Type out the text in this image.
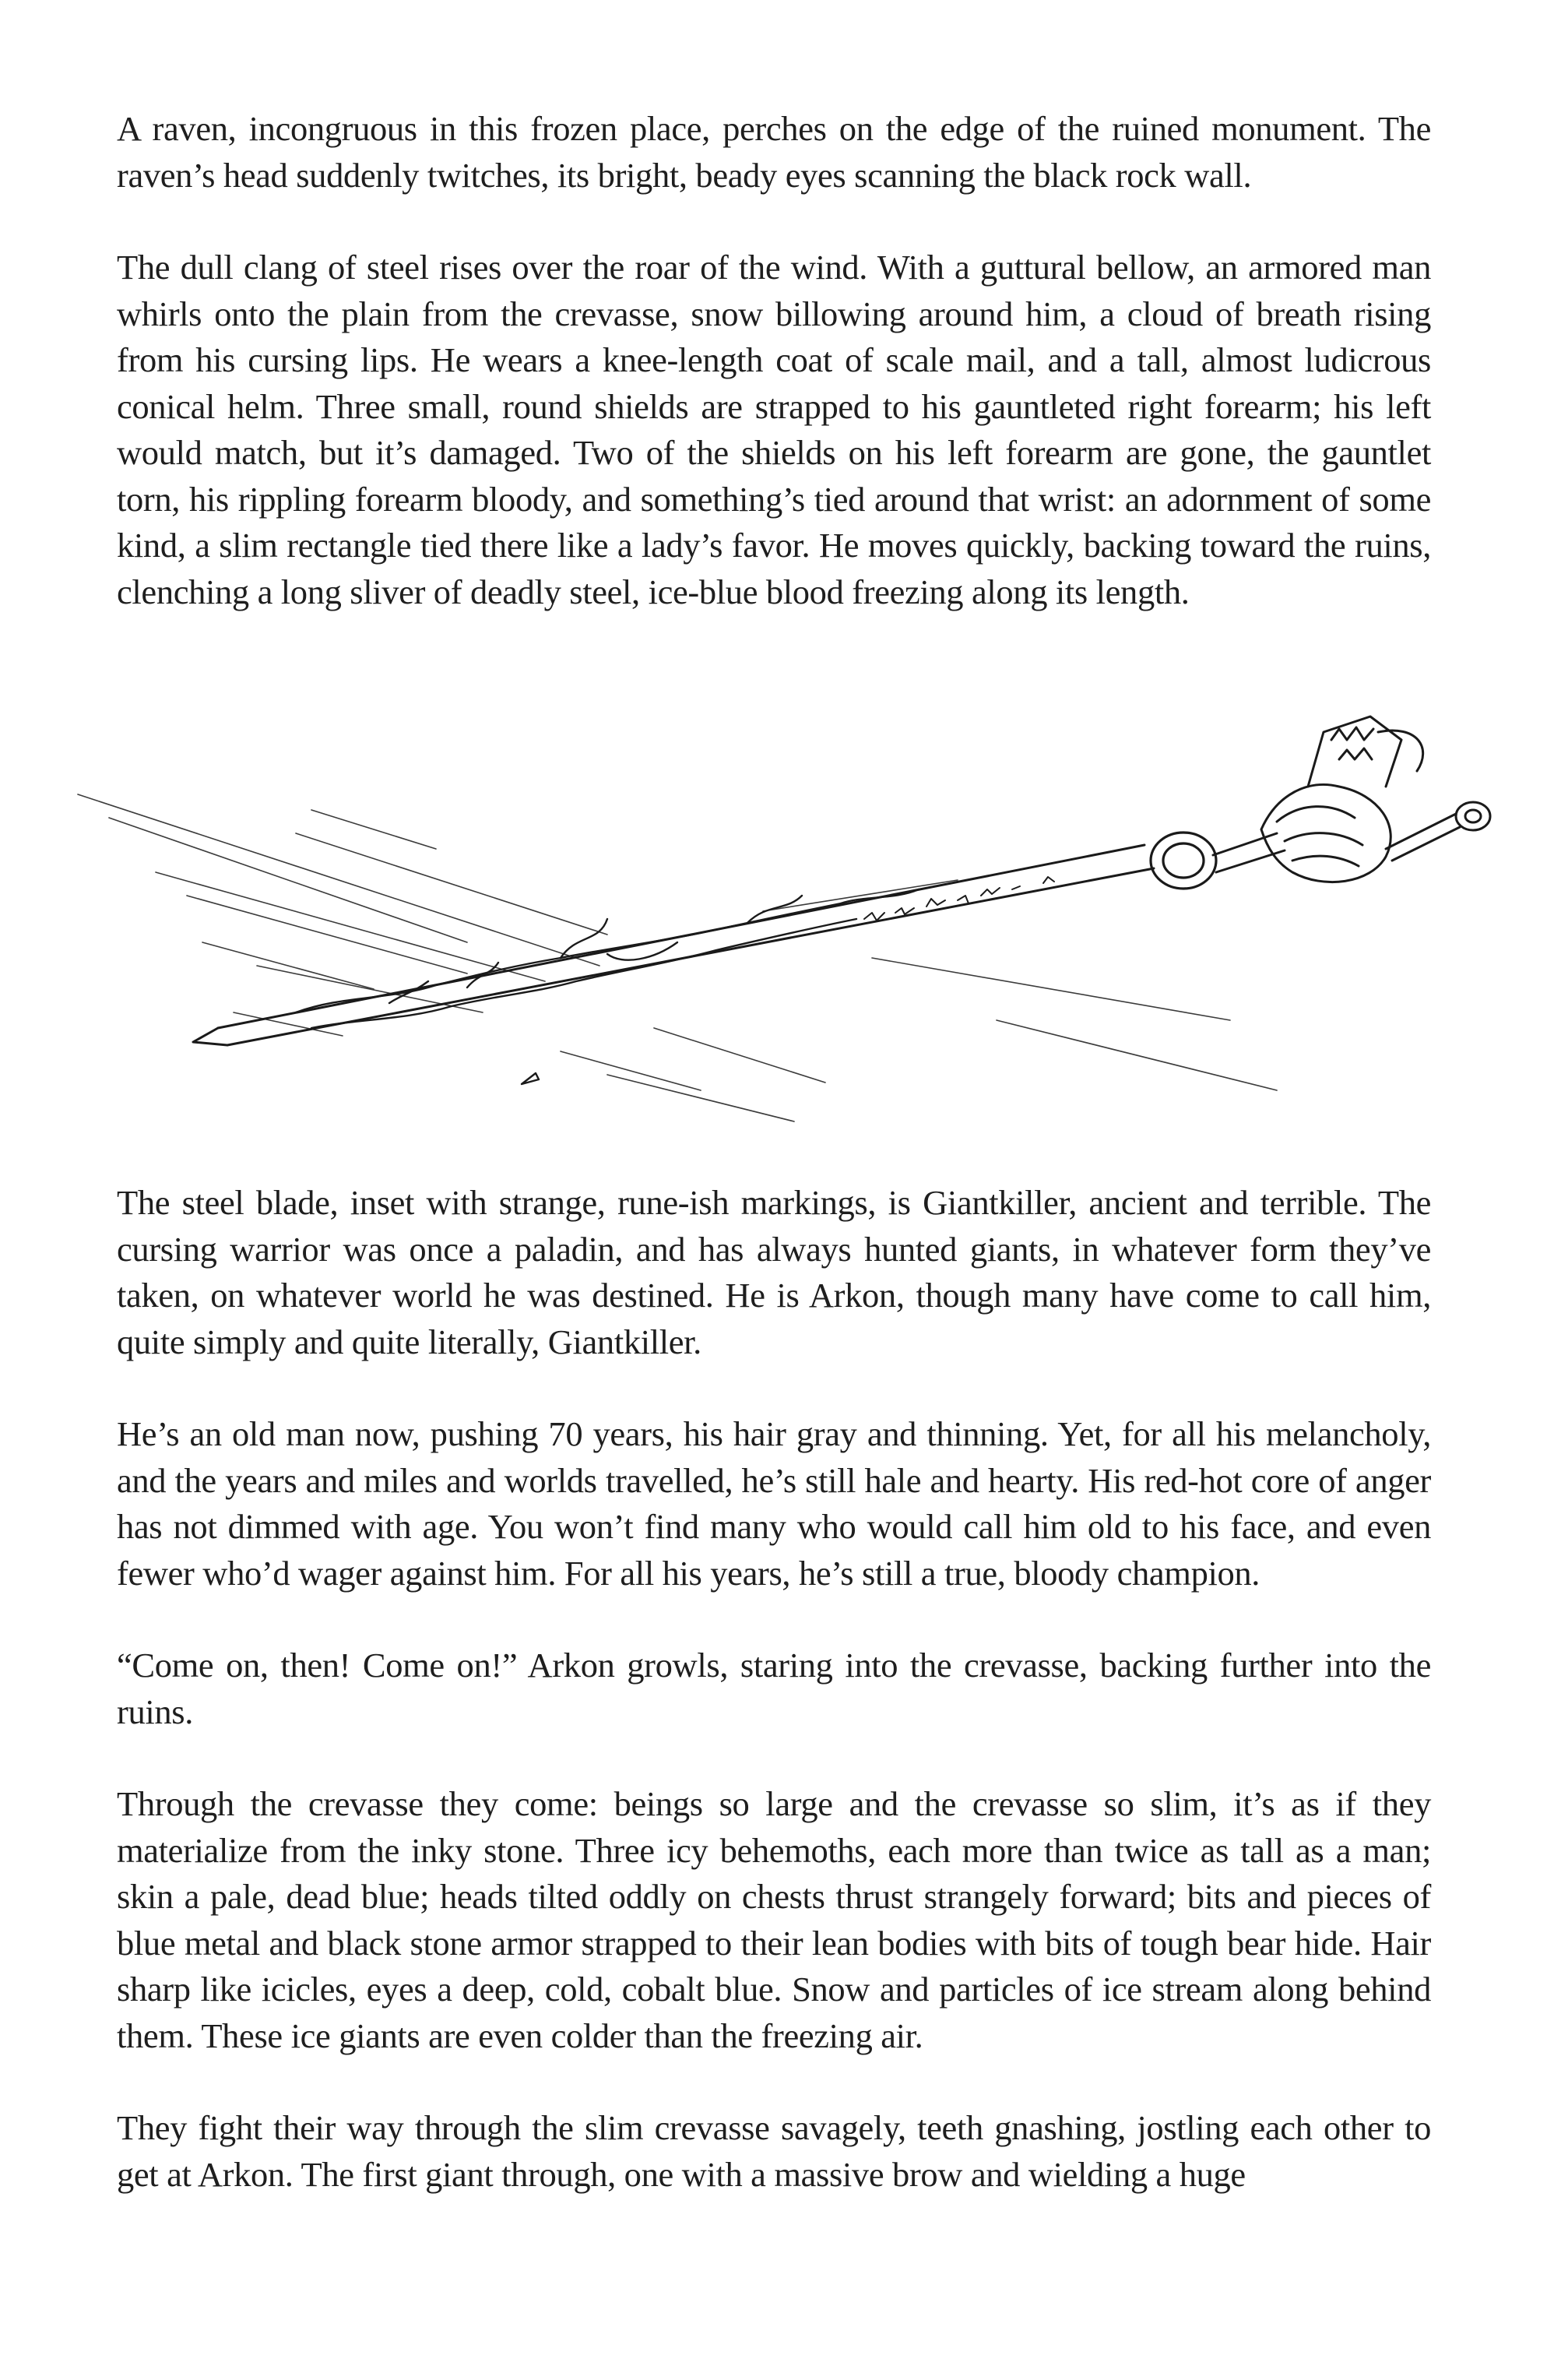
A raven, incongruous in this frozen place, perches on the edge of the ruined monument. The raven’s head suddenly twitches, its bright, beady eyes scanning the black rock wall.

The dull clang of steel rises over the roar of the wind. With a guttural bellow, an armored man whirls onto the plain from the crevasse, snow billowing around him, a cloud of breath rising from his cursing lips. He wears a knee-length coat of scale mail, and a tall, almost ludicrous conical helm. Three small, round shields are strapped to his gauntleted right forearm; his left would match, but it’s damaged. Two of the shields on his left forearm are gone, the gauntlet torn, his rippling forearm bloody, and something’s tied around that wrist: an adornment of some kind, a slim rectangle tied there like a lady’s favor. He moves quickly, backing toward the ruins, clenching a long sliver of deadly steel, ice-blue blood freezing along its length.

The steel blade, inset with strange, rune-ish markings, is Giantkiller, ancient and terrible. The cursing warrior was once a paladin, and has always hunted giants, in whatever form they’ve taken, on whatever world he was destined. He is Arkon, though many have come to call him, quite simply and quite literally, Giantkiller.

He’s an old man now, pushing 70 years, his hair gray and thinning. Yet, for all his melancholy, and the years and miles and worlds travelled, he’s still hale and hearty. His red-hot core of anger has not dimmed with age. You won’t find many who would call him old to his face, and even fewer who’d wager against him. For all his years, he’s still a true, bloody champion.

“Come on, then! Come on!” Arkon growls, staring into the crevasse, backing further into the ruins.

Through the crevasse they come: beings so large and the crevasse so slim, it’s as if they materialize from the inky stone. Three icy behemoths, each more than twice as tall as a man; skin a pale, dead blue; heads tilted oddly on chests thrust strangely forward; bits and pieces of blue metal and black stone armor strapped to their lean bodies with bits of tough bear hide. Hair sharp like icicles, eyes a deep, cold, cobalt blue. Snow and particles of ice stream along behind them. These ice giants are even colder than the freezing air.

They fight their way through the slim crevasse savagely, teeth gnashing, jostling each other to get at Arkon. The first giant through, one with a massive brow and wielding a huge
